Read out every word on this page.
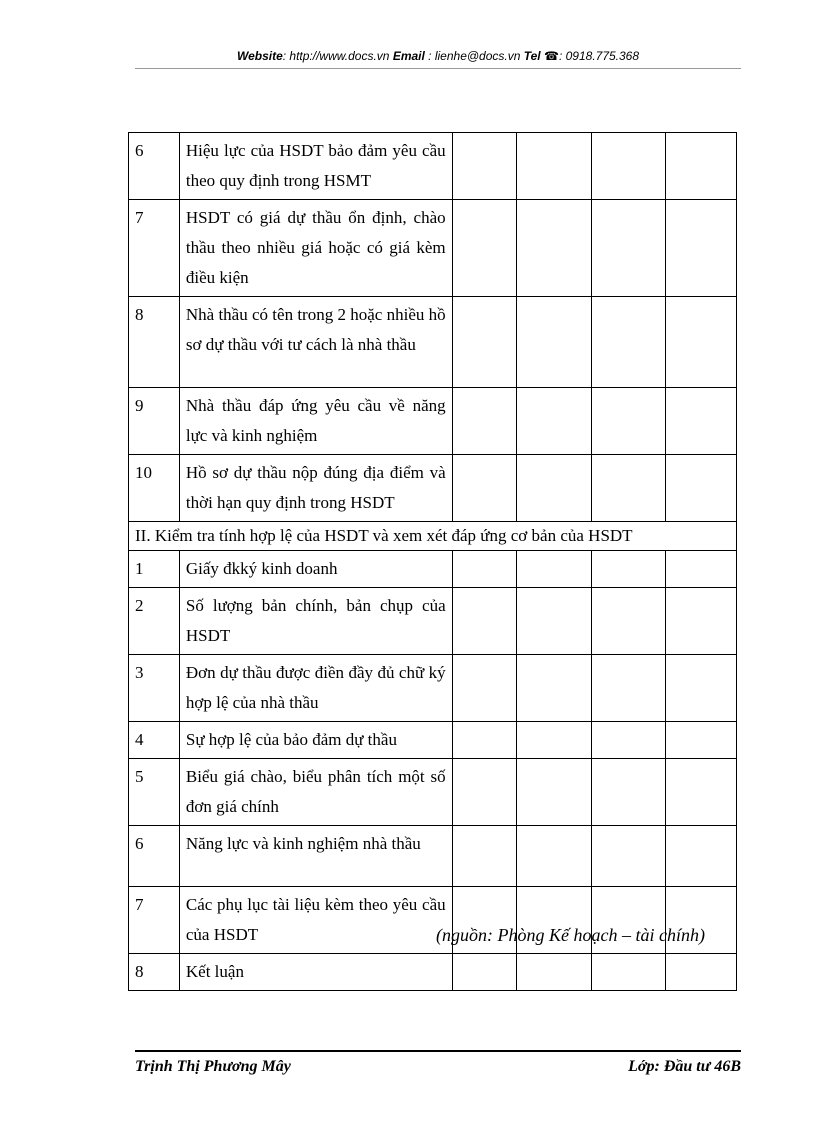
Website: http://www.docs.vn Email : lienhe@docs.vn Tel ☎: 0918.775.368
6	Hiệu lực của HSDT bảo đảm yêu cầu theo quy định trong HSMT				
7	HSDT có giá dự thầu ổn định, chào thầu theo nhiều giá hoặc có giá kèm điều kiện				
8	Nhà thầu có tên trong 2 hoặc nhiều hồ sơ dự thầu với tư cách là nhà thầu				
9	Nhà thầu đáp ứng yêu cầu về năng lực và kinh nghiệm				
10	Hồ sơ dự thầu nộp đúng địa điểm và thời hạn quy định trong HSDT				
II. Kiểm tra tính hợp lệ của HSDT và xem xét đáp ứng cơ bản của HSDT					
1	Giấy đkký kinh doanh				
2	Số lượng bản chính, bản chụp của HSDT				
3	Đơn dự thầu được điền đầy đủ chữ ký hợp lệ của nhà thầu				
4	Sự hợp lệ của bảo đảm dự thầu				
5	Biểu giá chào, biểu phân tích một số đơn giá chính				
6	Năng lực và kinh nghiệm nhà thầu				
7	Các phụ lục tài liệu kèm theo yêu cầu của HSDT				
8	Kết luận				
(nguồn: Phòng Kế hoạch – tài chính)
Trịnh Thị Phương Mây	Lớp: Đầu tư 46B
